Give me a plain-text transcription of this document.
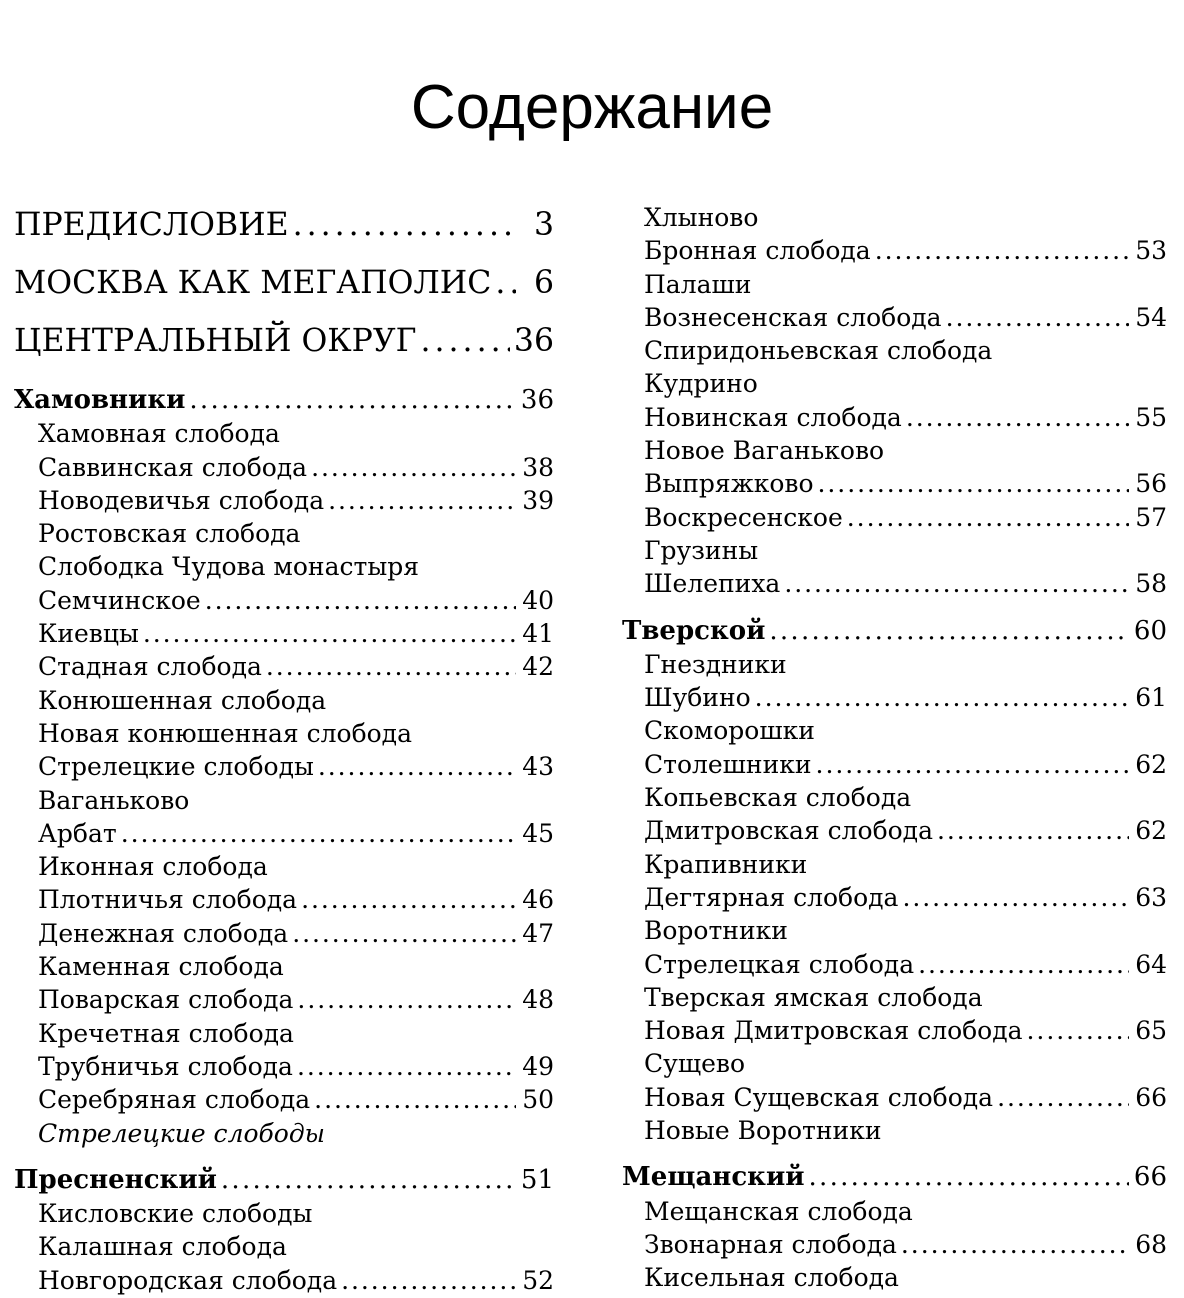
Содержание
ПРЕДИСЛОВИЕ . . .	3
МОСКВА КАК МЕГАПОЛИС . . .	6
ЦЕНТРАЛЬНЫЙ ОКРУГ . . .	36
Хамовники . . .	36
Хамовная слобода
Саввинская слобода . . .	38
Новодевичья слобода . . .	39
Ростовская слобода
Слободка Чудова монастыря
Семчинское . . .	40
Киевцы . . .	41
Стадная слобода . . .	42
Конюшенная слобода
Новая конюшенная слобода
Стрелецкие слободы . . .	43
Ваганьково
Арбат . . .	45
Иконная слобода
Плотничья слобода . . .	46
Денежная слобода . . .	47
Каменная слобода
Поварская слобода . . .	48
Кречетная слобода
Трубничья слобода . . .	49
Серебряная слобода . . .	50
Стрелецкие слободы
Пресненский . . .	51
Кисловские слободы
Калашная слобода
Новгородская слобода . . .	52
Хлыново
Бронная слобода . . .	53
Палаши
Вознесенская слобода . . .	54
Спиридоньевская слобода
Кудрино
Новинская слобода . . .	55
Новое Ваганьково
Выпряжково . . .	56
Воскресенское . . .	57
Грузины
Шелепиха . . .	58
Тверской . . .	60
Гнездники
Шубино . . .	61
Скоморошки
Столешники . . .	62
Копьевская слобода
Дмитровская слобода . . .	62
Крапивники
Дегтярная слобода . . .	63
Воротники
Стрелецкая слобода . . .	64
Тверская ямская слобода
Новая Дмитровская слобода . . .	65
Сущево
Новая Сущевская слобода . . .	66
Новые Воротники
Мещанский . . .	66
Мещанская слобода
Звонарная слобода . . .	68
Кисельная слобода
